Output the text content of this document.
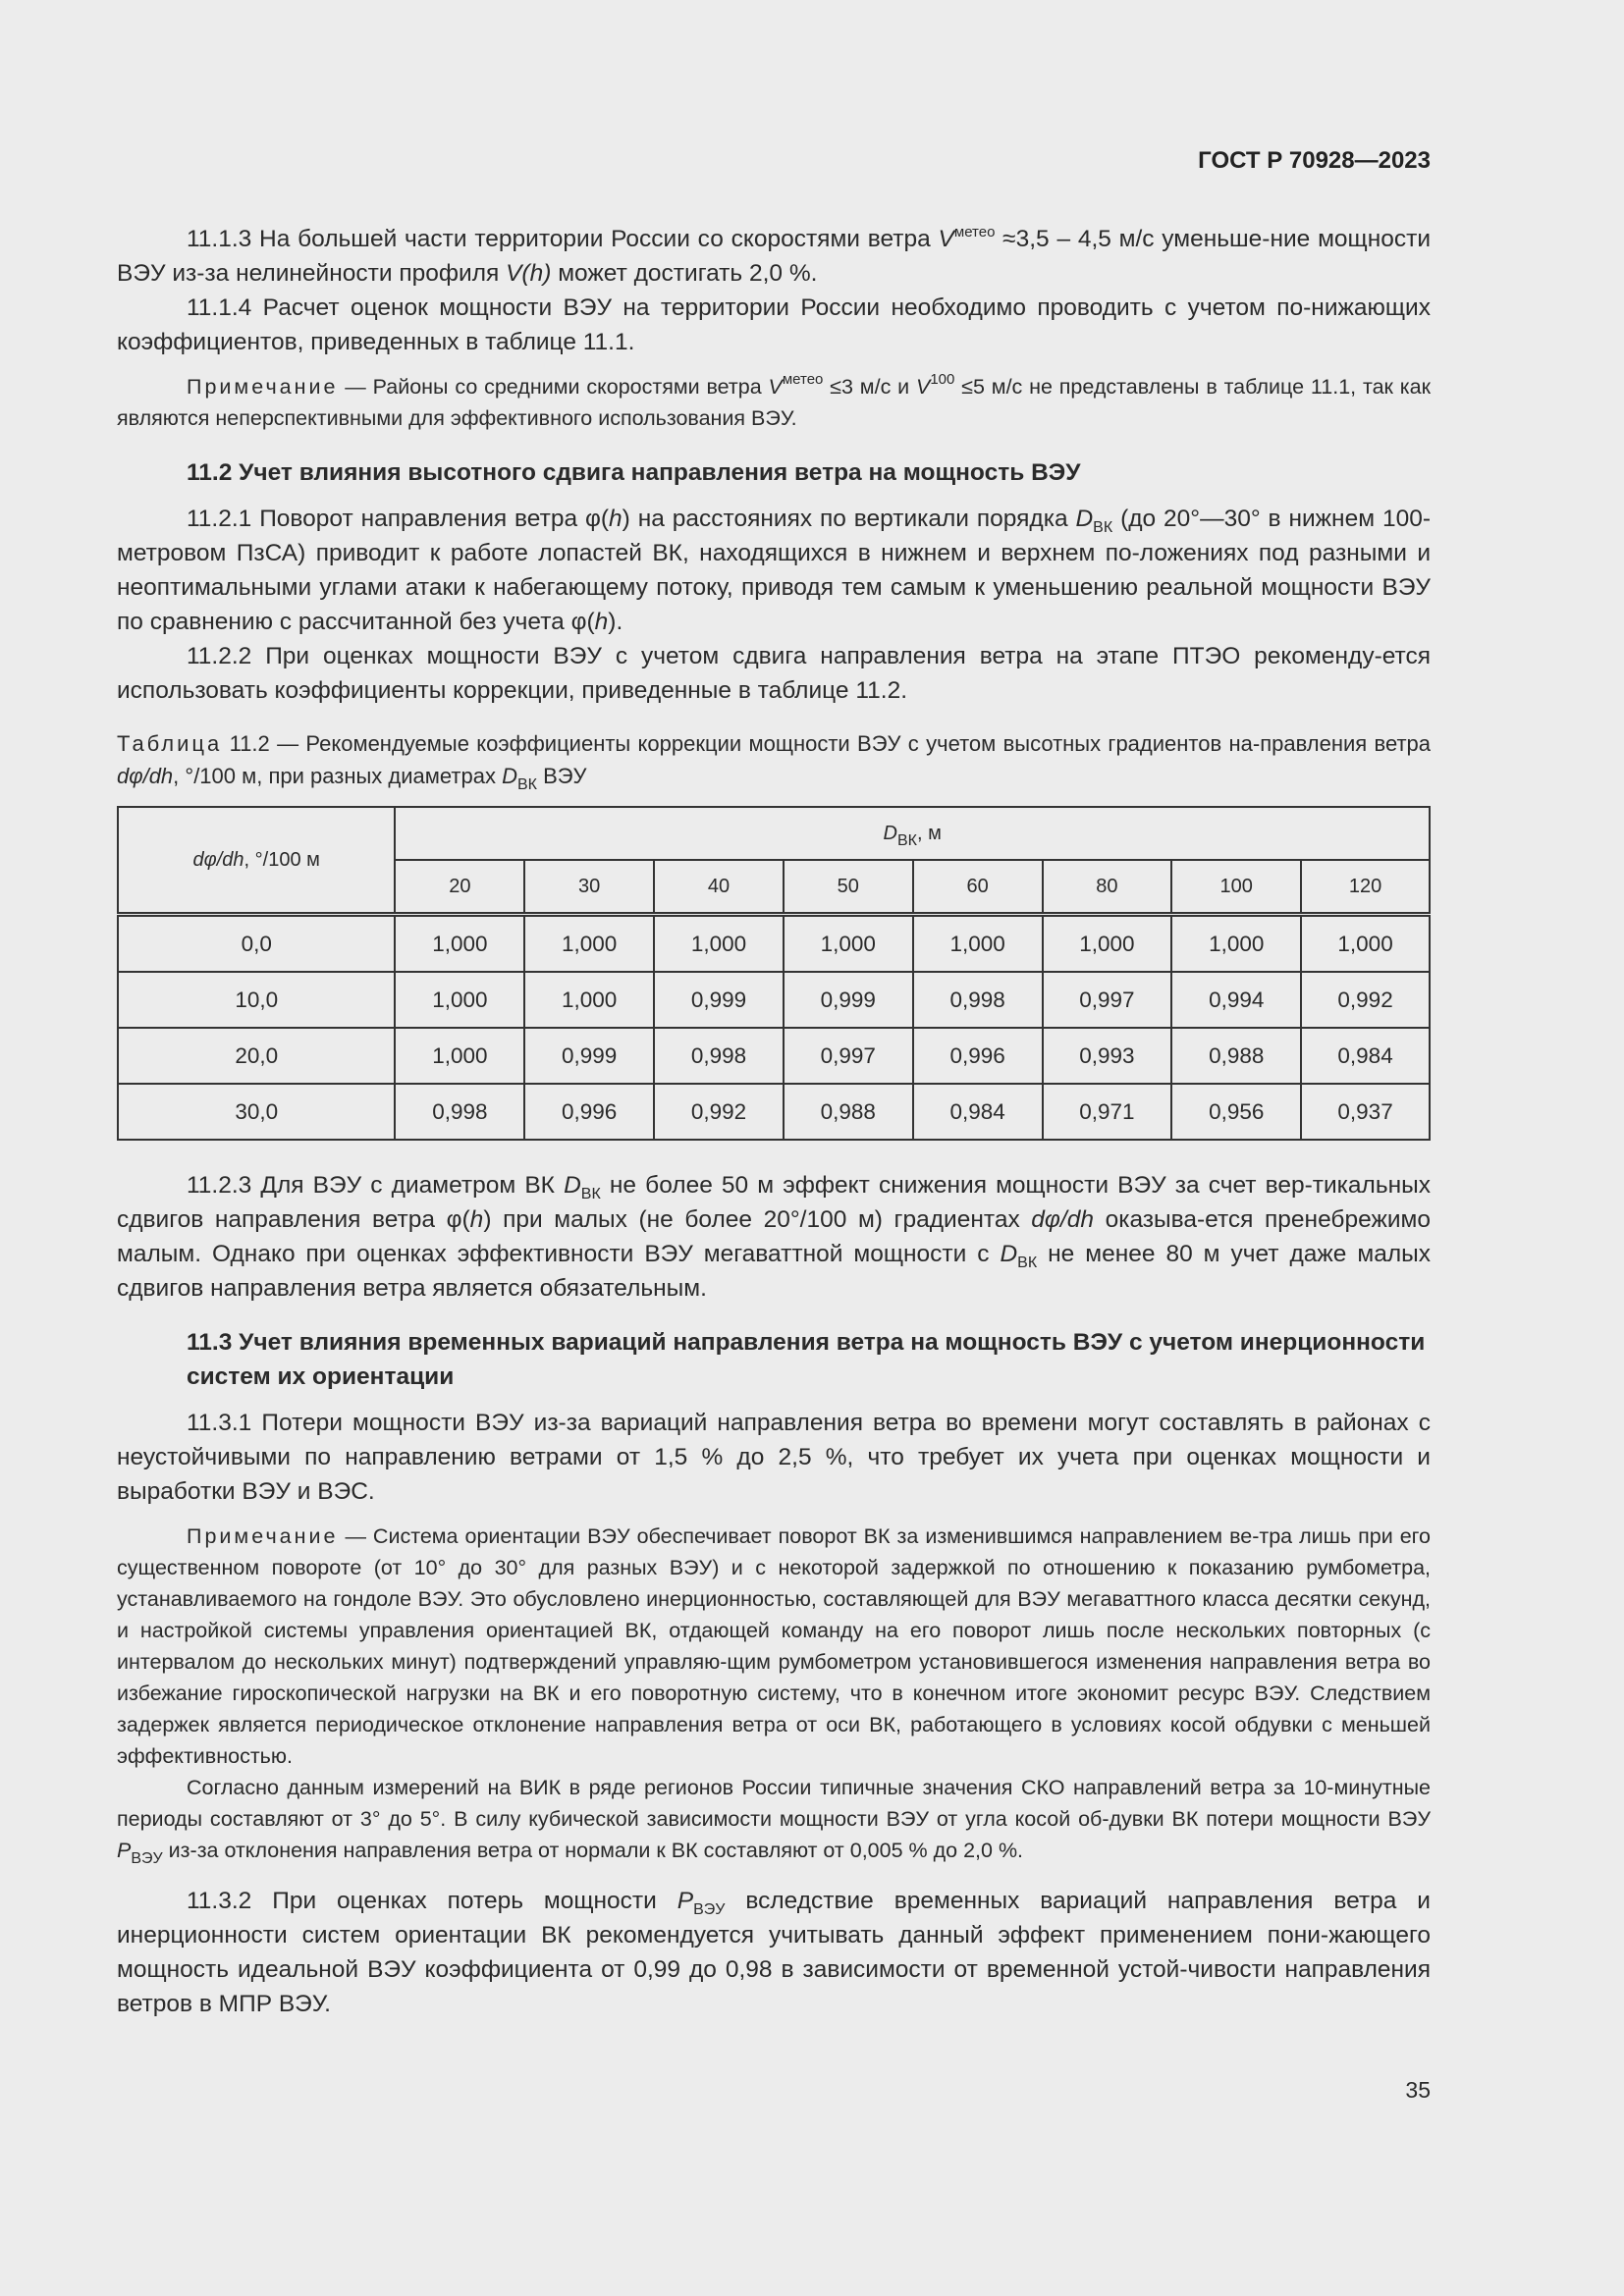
ГОСТ Р 70928—2023

11.1.3 На большей части территории России со скоростями ветра $V^{метео} \approx 3,5 - 4,5$ м/с уменьше-ние мощности ВЭУ из-за нелинейности профиля V(h) может достигать 2,0 %.

11.1.4 Расчет оценок мощности ВЭУ на территории России необходимо проводить с учетом по-нижающих коэффициентов, приведенных в таблице 11.1.

Примечание — Районы со средними скоростями ветра $V^{метео} \le 3$ м/с и $V^{100} \le 5$ м/с не представлены в таблице 11.1, так как являются неперспективными для эффективного использования ВЭУ.

11.2 Учет влияния высотного сдвига направления ветра на мощность ВЭУ

11.2.1 Поворот направления ветра φ(h) на расстояниях по вертикали порядка $D_{ВК}$ (до 20°—30° в нижнем 100-метровом ПзСА) приводит к работе лопастей ВК, находящихся в нижнем и верхнем по-ложениях под разными и неоптимальными углами атаки к набегающему потоку, приводя тем самым к уменьшению реальной мощности ВЭУ по сравнению с рассчитанной без учета φ(h).

11.2.2 При оценках мощности ВЭУ с учетом сдвига направления ветра на этапе ПТЭО рекоменду-ется использовать коэффициенты коррекции, приведенные в таблице 11.2.

Таблица 11.2 — Рекомендуемые коэффициенты коррекции мощности ВЭУ с учетом высотных градиентов на-правления ветра dφ/dh, °/100 м, при разных диаметрах $D_{ВК}$ ВЭУ

dφ/dh, °/100 м	$D_{ВК}$, м							
	20	30	40	50	60	80	100	120
0,0	1,000	1,000	1,000	1,000	1,000	1,000	1,000	1,000
10,0	1,000	1,000	0,999	0,999	0,998	0,997	0,994	0,992
20,0	1,000	0,999	0,998	0,997	0,996	0,993	0,988	0,984
30,0	0,998	0,996	0,992	0,988	0,984	0,971	0,956	0,937

11.2.3 Для ВЭУ с диаметром ВК $D_{ВК}$ не более 50 м эффект снижения мощности ВЭУ за счет вер-тикальных сдвигов направления ветра φ(h) при малых (не более 20°/100 м) градиентах dφ/dh оказыва-ется пренебрежимо малым. Однако при оценках эффективности ВЭУ мегаваттной мощности с $D_{ВК}$ не менее 80 м учет даже малых сдвигов направления ветра является обязательным.

11.3 Учет влияния временных вариаций направления ветра на мощность ВЭУ с учетом инерционности систем их ориентации

11.3.1 Потери мощности ВЭУ из-за вариаций направления ветра во времени могут составлять в районах с неустойчивыми по направлению ветрами от 1,5 % до 2,5 %, что требует их учета при оценках мощности и выработки ВЭУ и ВЭС.

Примечание — Система ориентации ВЭУ обеспечивает поворот ВК за изменившимся направлением ве-тра лишь при его существенном повороте (от 10° до 30° для разных ВЭУ) и с некоторой задержкой по отношению к показанию румбометра, устанавливаемого на гондоле ВЭУ. Это обусловлено инерционностью, составляющей для ВЭУ мегаваттного класса десятки секунд, и настройкой системы управления ориентацией ВК, отдающей команду на его поворот лишь после нескольких повторных (с интервалом до нескольких минут) подтверждений управляю-щим румбометром установившегося изменения направления ветра во избежание гироскопической нагрузки на ВК и его поворотную систему, что в конечном итоге экономит ресурс ВЭУ. Следствием задержек является периодическое отклонение направления ветра от оси ВК, работающего в условиях косой обдувки с меньшей эффективностью.

Согласно данным измерений на ВИК в ряде регионов России типичные значения СКО направлений ветра за 10-минутные периоды составляют от 3° до 5°. В силу кубической зависимости мощности ВЭУ от угла косой об-дувки ВК потери мощности ВЭУ $P_{ВЭУ}$ из-за отклонения направления ветра от нормали к ВК составляют от 0,005 % до 2,0 %.

11.3.2 При оценках потерь мощности $P_{ВЭУ}$ вследствие временных вариаций направления ветра и инерционности систем ориентации ВК рекомендуется учитывать данный эффект применением пони-жающего мощность идеальной ВЭУ коэффициента от 0,99 до 0,98 в зависимости от временной устой-чивости направления ветров в МПР ВЭУ.

35
